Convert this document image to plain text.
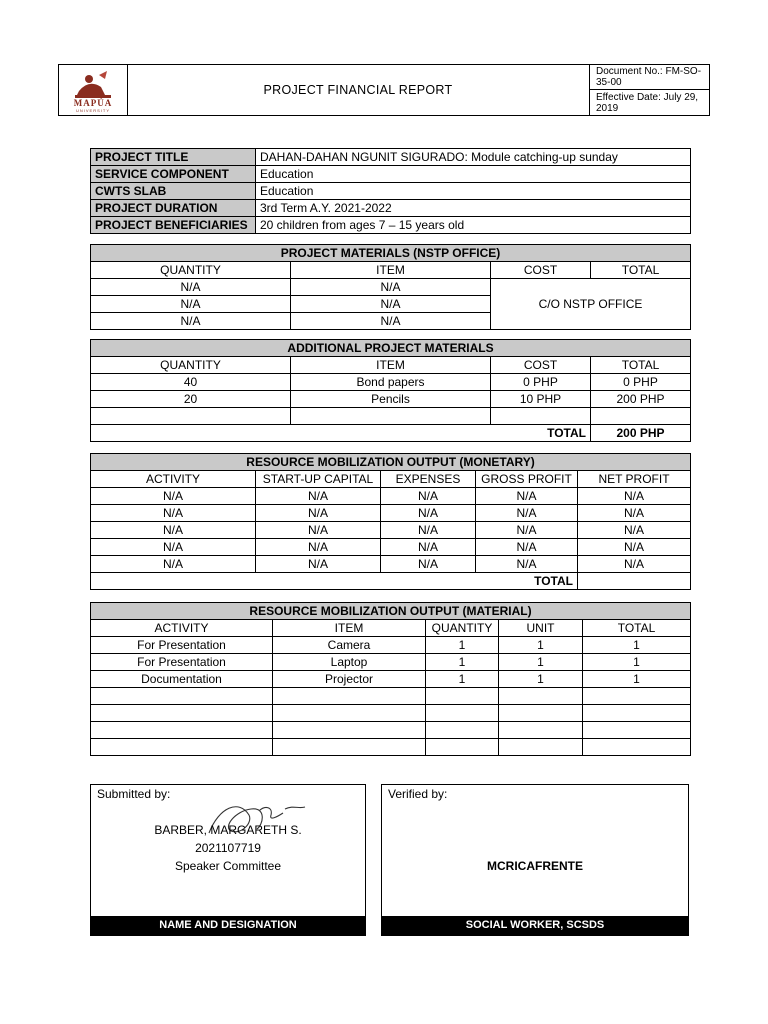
MAPÚA
UNIVERSITY
PROJECT FINANCIAL REPORT
Document No.: FM-SO-35-00
Effective Date: July 29, 2019
PROJECT TITLE	DAHAN-DAHAN NGUNIT SIGURADO: Module catching-up sunday
SERVICE COMPONENT	Education
CWTS SLAB	Education
PROJECT DURATION	3rd Term A.Y. 2021-2022
PROJECT BENEFICIARIES	20 children from ages 7 – 15 years old
PROJECT MATERIALS (NSTP OFFICE)			
QUANTITY	ITEM	COST	TOTAL
N/A	N/A	C/O NSTP OFFICE	
N/A	N/A		
N/A	N/A		
ADDITIONAL PROJECT MATERIALS			
QUANTITY	ITEM	COST	TOTAL
40	Bond papers	0 PHP	0 PHP
20	Pencils	10 PHP	200 PHP

TOTAL			200 PHP
RESOURCE MOBILIZATION OUTPUT (MONETARY)				
ACTIVITY	START-UP CAPITAL	EXPENSES	GROSS PROFIT	NET PROFIT
N/A	N/A	N/A	N/A	N/A
N/A	N/A	N/A	N/A	N/A
N/A	N/A	N/A	N/A	N/A
N/A	N/A	N/A	N/A	N/A
N/A	N/A	N/A	N/A	N/A
TOTAL				
RESOURCE MOBILIZATION OUTPUT (MATERIAL)				
ACTIVITY	ITEM	QUANTITY	UNIT	TOTAL
For Presentation	Camera	1	1	1
For Presentation	Laptop	1	1	1
Documentation	Projector	1	1	1

Submitted by:
BARBER, MARGARETH S.
2021107719
Speaker Committee
NAME AND DESIGNATION
Verified by:
MCRICAFRENTE
SOCIAL WORKER, SCSDS
